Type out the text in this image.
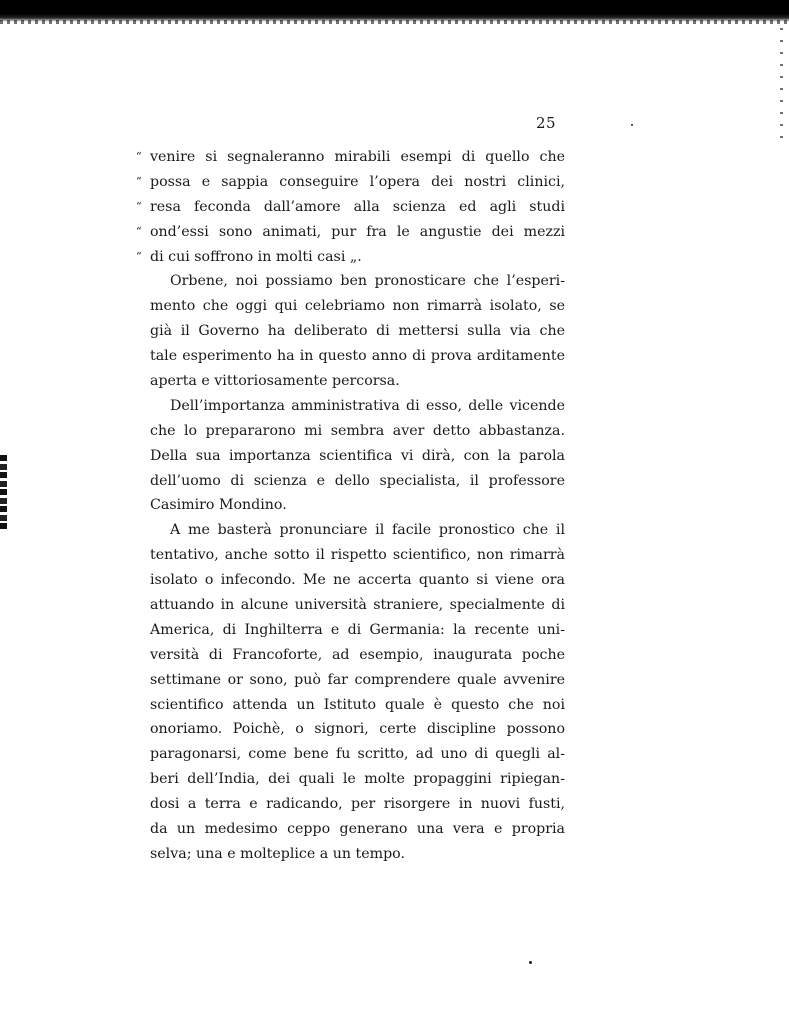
25
“ venire si segnaleranno mirabili esempi di quello che
“ possa e sappia conseguire l’opera dei nostri clinici,
“ resa feconda dall’amore alla scienza ed agli studi
“ ond’essi sono animati, pur fra le angustie dei mezzi
“ di cui soffrono in molti casi „.
Orbene, noi possiamo ben pronosticare che l’esperi-
mento che oggi qui celebriamo non rimarrà isolato, se
già il Governo ha deliberato di mettersi sulla via che
tale esperimento ha in questo anno di prova arditamente
aperta e vittoriosamente percorsa.
Dell’importanza amministrativa di esso, delle vicende
che lo prepararono mi sembra aver detto abbastanza.
Della sua importanza scientifica vi dirà, con la parola
dell’uomo di scienza e dello specialista, il professore
Casimiro Mondino.
A me basterà pronunciare il facile pronostico che il
tentativo, anche sotto il rispetto scientifico, non rimarrà
isolato o infecondo. Me ne accerta quanto si viene ora
attuando in alcune università straniere, specialmente di
America, di Inghilterra e di Germania: la recente uni-
versità di Francoforte, ad esempio, inaugurata poche
settimane or sono, può far comprendere quale avvenire
scientifico attenda un Istituto quale è questo che noi
onoriamo. Poichè, o signori, certe discipline possono
paragonarsi, come bene fu scritto, ad uno di quegli al-
beri dell’India, dei quali le molte propaggini ripiegan-
dosi a terra e radicando, per risorgere in nuovi fusti,
da un medesimo ceppo generano una vera e propria
selva; una e molteplice a un tempo.
